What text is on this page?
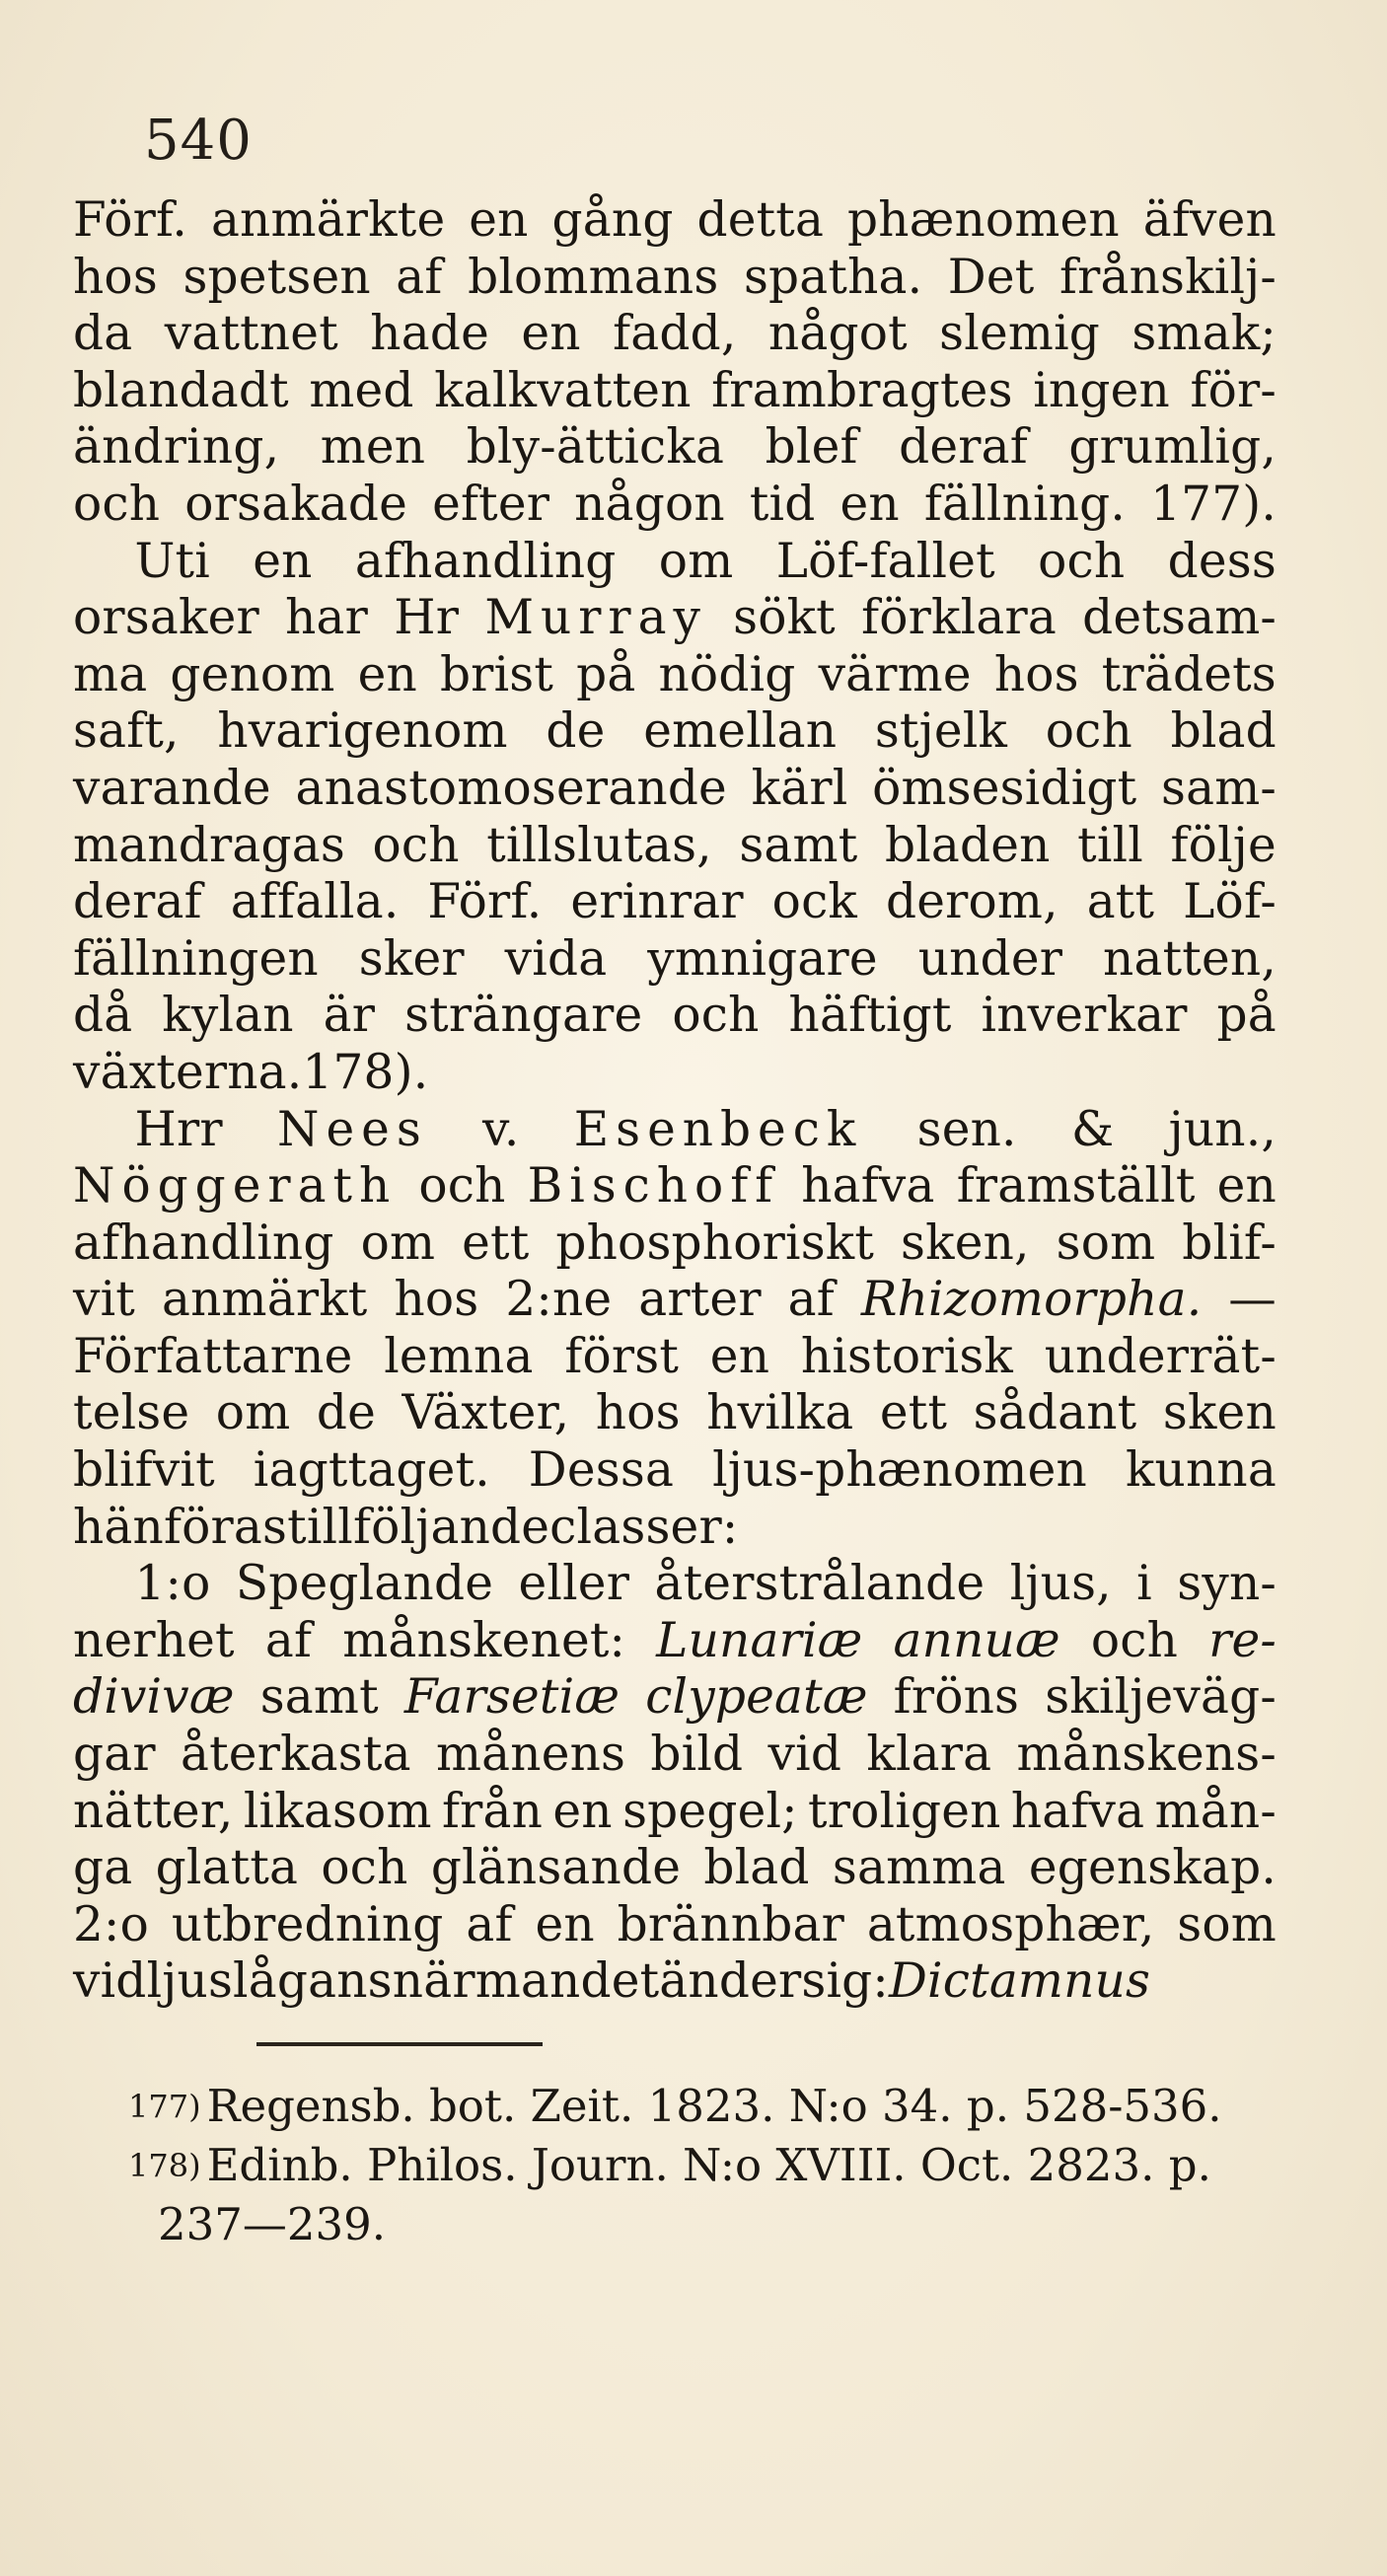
540
Förf. anmärkte en gång detta phænomen äfven
hos spetsen af blommans spatha. Det frånskilj-
da vattnet hade en fadd, något slemig smak;
blandadt med kalkvatten frambragtes ingen för-
ändring, men bly-ätticka blef deraf grumlig,
och orsakade efter någon tid en fällning. 177).
Uti en afhandling om Löf-fallet och dess
orsaker har Hr Murray sökt förklara detsam-
ma genom en brist på nödig värme hos trädets
saft, hvarigenom de emellan stjelk och blad
varande anastomoserande kärl ömsesidigt sam-
mandragas och tillslutas, samt bladen till följe
deraf affalla. Förf. erinrar ock derom, att Löf-
fällningen sker vida ymnigare under natten,
då kylan är strängare och häftigt inverkar på
växterna. 178).
Hrr Nees v. Esenbeck sen. & jun.,
Nöggerath och Bischoff hafva framställt en
afhandling om ett phosphoriskt sken, som blif-
vit anmärkt hos 2:ne arter af Rhizomorpha. —
Författarne lemna först en historisk underrät-
telse om de Växter, hos hvilka ett sådant sken
blifvit iagttaget. Dessa ljus-phænomen kunna
hänföras till följande classer:
1:o Speglande eller återstrålande ljus, i syn-
nerhet af månskenet: Lunariæ annuæ och re-
divivæ samt Farsetiæ clypeatæ fröns skiljeväg-
gar återkasta månens bild vid klara månskens-
nätter, likasom från en spegel; troligen hafva mån-
ga glatta och glänsande blad samma egenskap.
2:o utbredning af en brännbar atmosphær, som
vid ljuslågans närmande tänder sig: Dictamnus
177) Regensb. bot. Zeit. 1823. N:o 34. p. 528-536.
178) Edinb. Philos. Journ. N:o XVIII. Oct. 2823. p.
237—239.
